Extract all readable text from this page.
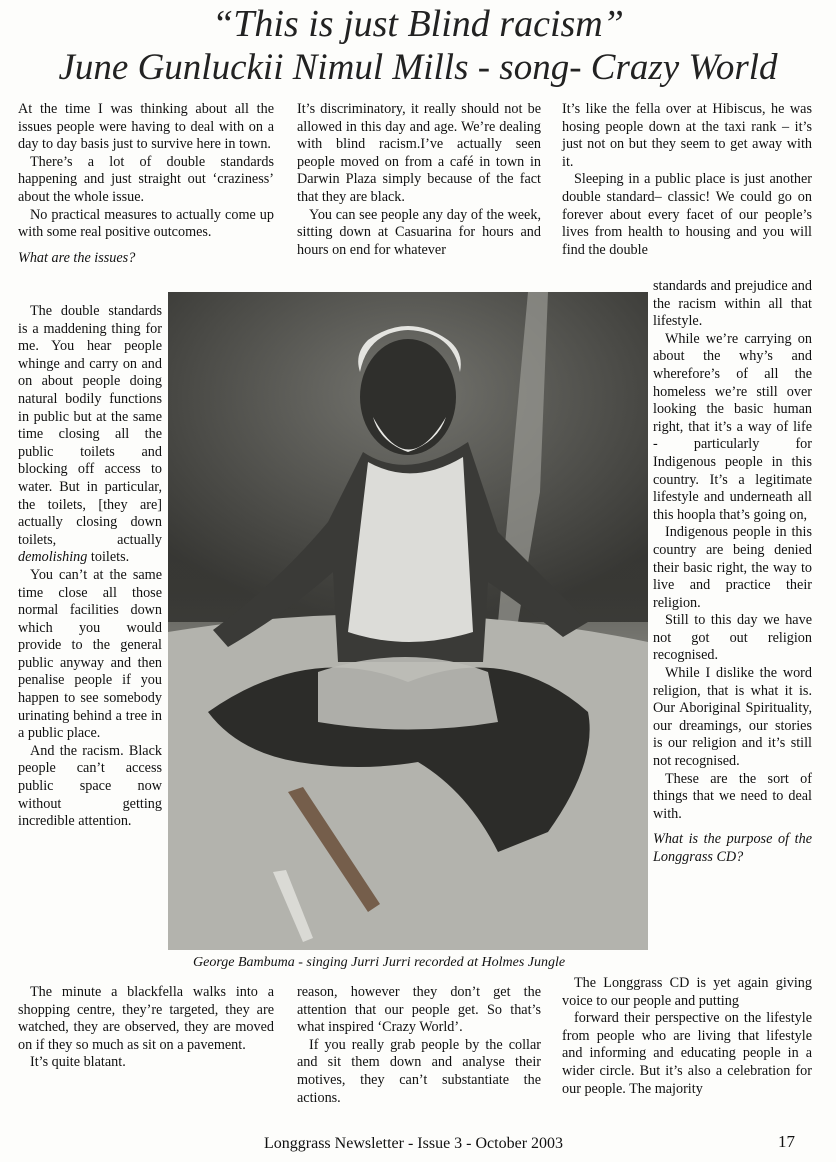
“This is just Blind racism”
June Gunluckii Nimul Mills - song- Crazy World

At the time I was thinking about all the issues people were having to deal with on a day to day basis just to survive here in town.

There’s a lot of double standards happening and just straight out ‘craziness’ about the whole issue.

No practical measures to actually come up with some real positive outcomes.

What are the issues?

The double standards is a maddening thing for me. You hear people whinge and carry on and on about people doing natural bodily functions in public but at the same time closing all the public toilets and blocking off access to water. But in particular, the toilets, [they are] actually closing down toilets, actually demolishing toilets.

You can’t at the same time close all those normal facilities down which you would provide to the general public anyway and then penalise people if you happen to see somebody urinating behind a tree in a public place.

And the racism. Black people can’t access public space now without getting incredible attention.

The minute a blackfella walks into a shopping centre, they’re targeted, they are watched, they are observed, they are moved on if they so much as sit on a pavement.

It’s quite blatant.

It’s discriminatory, it really should not be allowed in this day and age. We’re dealing with blind racism.I’ve actually seen people moved on from a café in town in Darwin Plaza simply because of the fact that they are black.

You can see people any day of the week, sitting down at Casuarina for hours and hours on end for whatever

reason, however they don’t get the attention that our people get. So that’s what inspired ‘Crazy World’.

If you really grab people by the collar and sit them down and analyse their motives, they can’t substantiate the actions.

It’s like the fella over at Hibiscus, he was hosing people down at the taxi rank – it’s just not on but they seem to get away with it.

Sleeping in a public place is just another double standard– classic! We could go on forever about every facet of our people’s lives from health to housing and you will find the double

standards and prejudice and the racism within all that lifestyle.

While we’re carrying on about the why’s and wherefore’s of all the homeless we’re still over looking the basic human right, that it’s a way of life - particularly for Indigenous people in this country. It’s a legitimate lifestyle and underneath all this hoopla that’s going on,

Indigenous people in this country are being denied their basic right, the way to live and practice their religion.

Still to this day we have not got out religion recognised.

While I dislike the word religion, that is what it is. Our Aboriginal Spirituality, our dreamings, our stories is our religion and it’s still not recognised.

These are the sort of things that we need to deal with.

What is the purpose of the Longgrass CD?

The Longgrass CD is yet again giving voice to our people and putting

forward their perspective on the lifestyle from people who are living that lifestyle and informing and educating people in a wider circle. But it’s also a celebration for our people. The majority

George Bambuma - singing Jurri Jurri recorded at Holmes Jungle

Longgrass Newsletter - Issue 3 - October 2003	17
